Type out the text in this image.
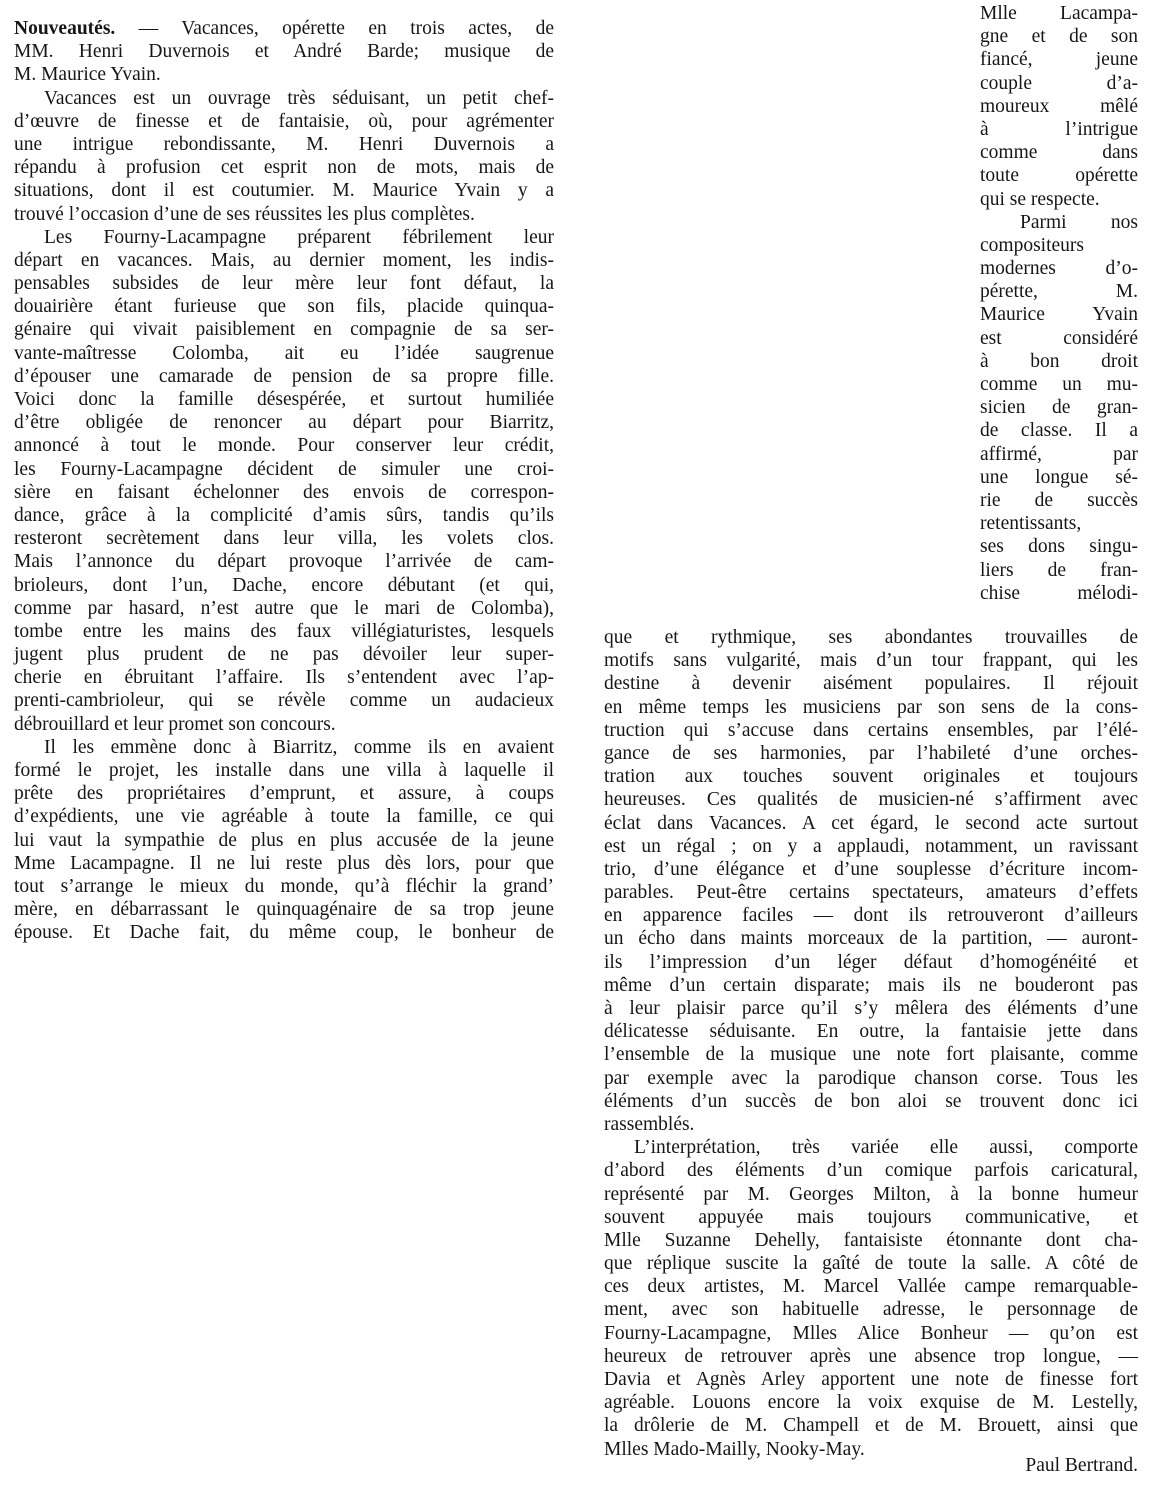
Nouveautés. — Vacances, opérette en trois actes, de
MM. Henri Duvernois et André Barde; musique de
M. Maurice Yvain.
Vacances est un ouvrage très séduisant, un petit chef-
d’œuvre de finesse et de fantaisie, où, pour agrémenter
une intrigue rebondissante, M. Henri Duvernois a
répandu à profusion cet esprit non de mots, mais de
situations, dont il est coutumier. M. Maurice Yvain y a
trouvé l’occasion d’une de ses réussites les plus complètes.
Les Fourny-Lacampagne préparent fébrilement leur
départ en vacances. Mais, au dernier moment, les indis-
pensables subsides de leur mère leur font défaut, la
douairière étant furieuse que son fils, placide quinqua-
génaire qui vivait paisiblement en compagnie de sa ser-
vante-maîtresse Colomba, ait eu l’idée saugrenue
d’épouser une camarade de pension de sa propre fille.
Voici donc la famille désespérée, et surtout humiliée
d’être obligée de renoncer au départ pour Biarritz,
annoncé à tout le monde. Pour conserver leur crédit,
les Fourny-Lacampagne décident de simuler une croi-
sière en faisant échelonner des envois de correspon-
dance, grâce à la complicité d’amis sûrs, tandis qu’ils
resteront secrètement dans leur villa, les volets clos.
Mais l’annonce du départ provoque l’arrivée de cam-
brioleurs, dont l’un, Dache, encore débutant (et qui,
comme par hasard, n’est autre que le mari de Colomba),
tombe entre les mains des faux villégiaturistes, lesquels
jugent plus prudent de ne pas dévoiler leur super-
cherie en ébruitant l’affaire. Ils s’entendent avec l’ap-
prenti-cambrioleur, qui se révèle comme un audacieux
débrouillard et leur promet son concours.
Il les emmène donc à Biarritz, comme ils en avaient
formé le projet, les installe dans une villa à laquelle il
prête des propriétaires d’emprunt, et assure, à coups
d’expédients, une vie agréable à toute la famille, ce qui
lui vaut la sympathie de plus en plus accusée de la jeune
Mme Lacampagne. Il ne lui reste plus dès lors, pour que
tout s’arrange le mieux du monde, qu’à fléchir la grand’
mère, en débarrassant le quinquagénaire de sa trop jeune
épouse. Et Dache fait, du même coup, le bonheur de
Mlle Lacampa-
gne et de son
fiancé, jeune
couple d’a-
moureux mêlé
à l’intrigue
comme dans
toute opérette
qui se respecte.
Parmi nos
compositeurs
modernes d’o-
pérette, M.
Maurice Yvain
est considéré
à bon droit
comme un mu-
sicien de gran-
de classe. Il a
affirmé, par
une longue sé-
rie de succès
retentissants,
ses dons singu-
liers de fran-
chise mélodi-
que et rythmique, ses abondantes trouvailles de
motifs sans vulgarité, mais d’un tour frappant, qui les
destine à devenir aisément populaires. Il réjouit
en même temps les musiciens par son sens de la cons-
truction qui s’accuse dans certains ensembles, par l’élé-
gance de ses harmonies, par l’habileté d’une orches-
tration aux touches souvent originales et toujours
heureuses. Ces qualités de musicien-né s’affirment avec
éclat dans Vacances. A cet égard, le second acte surtout
est un régal ; on y a applaudi, notamment, un ravissant
trio, d’une élégance et d’une souplesse d’écriture incom-
parables. Peut-être certains spectateurs, amateurs d’effets
en apparence faciles — dont ils retrouveront d’ailleurs
un écho dans maints morceaux de la partition, — auront-
ils l’impression d’un léger défaut d’homogénéité et
même d’un certain disparate; mais ils ne bouderont pas
à leur plaisir parce qu’il s’y mêlera des éléments d’une
délicatesse séduisante. En outre, la fantaisie jette dans
l’ensemble de la musique une note fort plaisante, comme
par exemple avec la parodique chanson corse. Tous les
éléments d’un succès de bon aloi se trouvent donc ici
rassemblés.
L’interprétation, très variée elle aussi, comporte
d’abord des éléments d’un comique parfois caricatural,
représenté par M. Georges Milton, à la bonne humeur
souvent appuyée mais toujours communicative, et
Mlle Suzanne Dehelly, fantaisiste étonnante dont cha-
que réplique suscite la gaîté de toute la salle. A côté de
ces deux artistes, M. Marcel Vallée campe remarquable-
ment, avec son habituelle adresse, le personnage de
Fourny-Lacampagne, Mlles Alice Bonheur — qu’on est
heureux de retrouver après une absence trop longue, —
Davia et Agnès Arley apportent une note de finesse fort
agréable. Louons encore la voix exquise de M. Lestelly,
la drôlerie de M. Champell et de M. Brouett, ainsi que
Mlles Mado-Mailly, Nooky-May.
Paul Bertrand.
